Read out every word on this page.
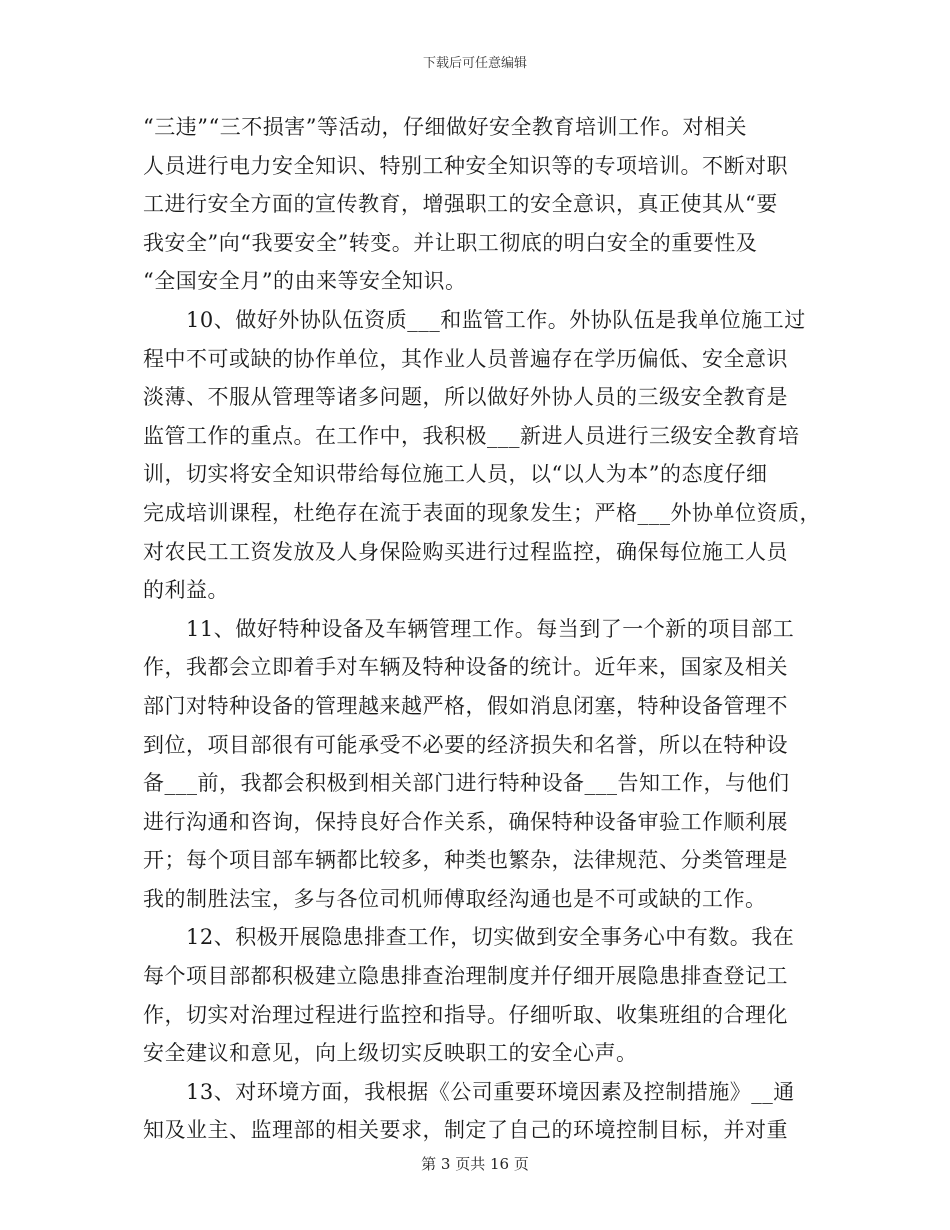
下载后可任意编辑
“三违”“三不损害”等活动，仔细做好安全教育培训工作。对相关
人员进行电力安全知识、特别工种安全知识等的专项培训。不断对职
工进行安全方面的宣传教育，增强职工的安全意识，真正使其从“要
我安全”向“我要安全”转变。并让职工彻底的明白安全的重要性及
“全国安全月”的由来等安全知识。
　　10、做好外协队伍资质___和监管工作。外协队伍是我单位施工过
程中不可或缺的协作单位，其作业人员普遍存在学历偏低、安全意识
淡薄、不服从管理等诸多问题，所以做好外协人员的三级安全教育是
监管工作的重点。在工作中，我积极___新进人员进行三级安全教育培
训，切实将安全知识带给每位施工人员，以“以人为本”的态度仔细
完成培训课程，杜绝存在流于表面的现象发生；严格___外协单位资质，
对农民工工资发放及人身保险购买进行过程监控，确保每位施工人员
的利益。
　　11、做好特种设备及车辆管理工作。每当到了一个新的项目部工
作，我都会立即着手对车辆及特种设备的统计。近年来，国家及相关
部门对特种设备的管理越来越严格，假如消息闭塞，特种设备管理不
到位，项目部很有可能承受不必要的经济损失和名誉，所以在特种设
备___前，我都会积极到相关部门进行特种设备___告知工作，与他们
进行沟通和咨询，保持良好合作关系，确保特种设备审验工作顺利展
开；每个项目部车辆都比较多，种类也繁杂，法律规范、分类管理是
我的制胜法宝，多与各位司机师傅取经沟通也是不可或缺的工作。
　　12、积极开展隐患排查工作，切实做到安全事务心中有数。我在
每个项目部都积极建立隐患排查治理制度并仔细开展隐患排查登记工
作，切实对治理过程进行监控和指导。仔细听取、收集班组的合理化
安全建议和意见，向上级切实反映职工的安全心声。
　　13、对环境方面，我根据《公司重要环境因素及控制措施》__通
知及业主、监理部的相关要求，制定了自己的环境控制目标，并对重
第 3 页共 16 页
